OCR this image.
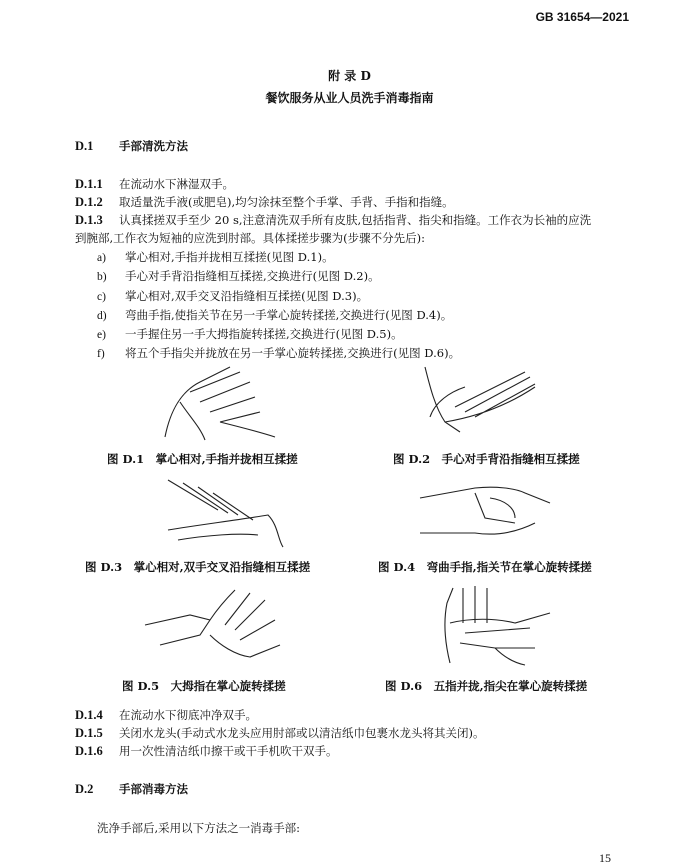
GB 31654—2021
附 录 D
餐饮服务从业人员洗手消毒指南
D.1 手部清洗方法
D.1.1 在流动水下淋湿双手。
D.1.2 取适量洗手液(或肥皂),均匀涂抹至整个手掌、手背、手指和指缝。
D.1.3 认真揉搓双手至少 20 s,注意清洗双手所有皮肤,包括指背、指尖和指缝。工作衣为长袖的应洗
到腕部,工作衣为短袖的应洗到肘部。具体揉搓步骤为(步骤不分先后):
a) 掌心相对,手指并拢相互揉搓(见图 D.1)。
b) 手心对手背沿指缝相互揉搓,交换进行(见图 D.2)。
c) 掌心相对,双手交叉沿指缝相互揉搓(见图 D.3)。
d) 弯曲手指,使指关节在另一手掌心旋转揉搓,交换进行(见图 D.4)。
e) 一手握住另一手大拇指旋转揉搓,交换进行(见图 D.5)。
f) 将五个手指尖并拢放在另一手掌心旋转揉搓,交换进行(见图 D.6)。
图 D.1　掌心相对,手指并拢相互揉搓	图 D.2　手心对手背沿指缝相互揉搓
图 D.3　掌心相对,双手交叉沿指缝相互揉搓	图 D.4　弯曲手指,指关节在掌心旋转揉搓
图 D.5　大拇指在掌心旋转揉搓	图 D.6　五指并拢,指尖在掌心旋转揉搓
D.1.4 在流动水下彻底冲净双手。
D.1.5 关闭水龙头(手动式水龙头应用肘部或以清洁纸巾包裹水龙头将其关闭)。
D.1.6 用一次性清洁纸巾擦干或干手机吹干双手。
D.2 手部消毒方法
洗净手部后,采用以下方法之一消毒手部:
15
